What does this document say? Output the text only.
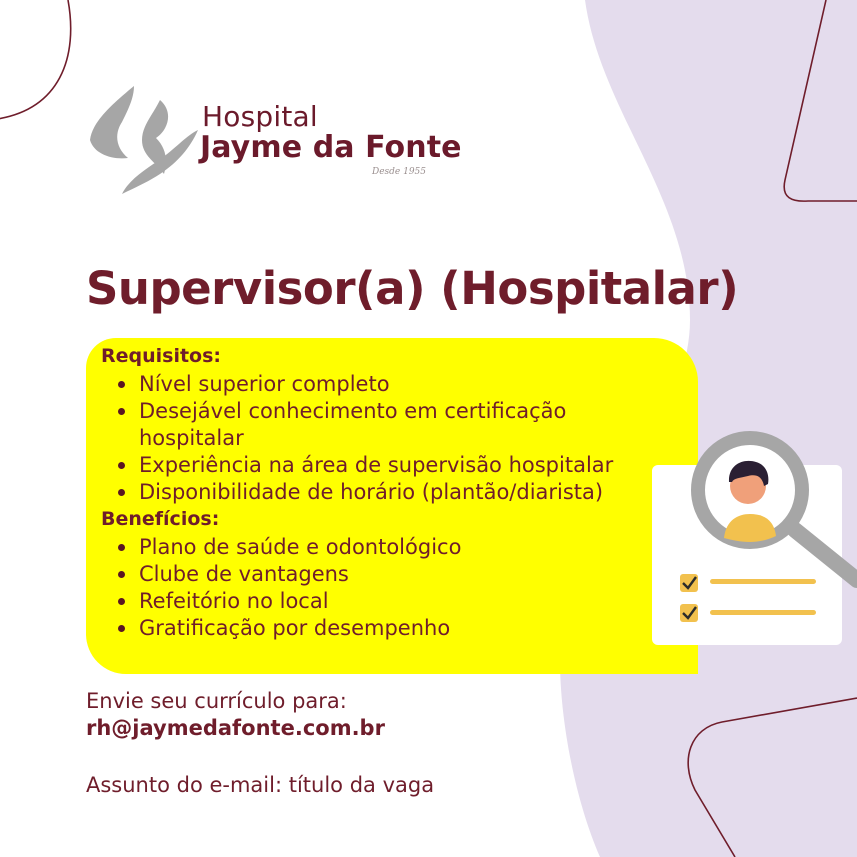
Hospital
Jayme da Fonte
Desde 1955
Supervisor(a) (Hospitalar)
Requisitos:
Nível superior completo
Desejável conhecimento em certificação hospitalar
Experiência na área de supervisão hospitalar
Disponibilidade de horário (plantão/diarista)
Benefícios:
Plano de saúde e odontológico
Clube de vantagens
Refeitório no local
Gratificação por desempenho
Envie seu currículo para:
rh@jaymedafonte.com.br
Assunto do e-mail: título da vaga
